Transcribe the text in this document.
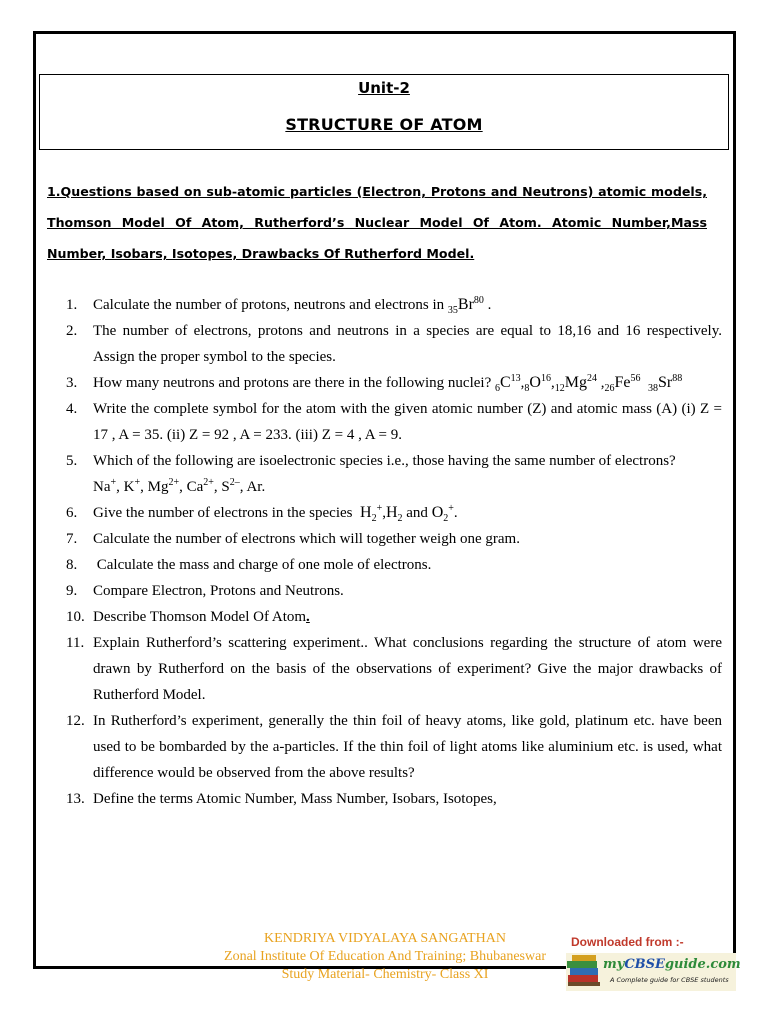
Unit-2
STRUCTURE OF ATOM
1.Questions based on sub-atomic particles (Electron, Protons and Neutrons) atomic models, Thomson Model Of Atom, Rutherford’s Nuclear Model Of Atom. Atomic Number,Mass Number, Isobars, Isotopes, Drawbacks Of Rutherford Model.
1.	Calculate the number of protons, neutrons and electrons in $_{35}Br^{80}$ .
2.	The number of electrons, protons and neutrons in a species are equal to 18,16 and 16 respectively. Assign the proper symbol to the species.
3.	How many neutrons and protons are there in the following nuclei? $_6C^{13},_8O^{16},_{12}Mg^{24}$ $,_{26}Fe^{56}$  $_{38}Sr^{88}$
4.	Write the complete symbol for the atom with the given atomic number (Z) and atomic mass (A) (i) Z = 17 , A = 35. (ii) Z = 92 , A = 233. (iii) Z = 4 , A = 9.
5.	Which of the following are isoelectronic species i.e., those having the same number of electrons?
Na+, K+, $Mg^{2+}$, $Ca^{2+}$, $S^{2-}$, Ar.
6.	Give the number of electrons in the species $H_2^+,H_2$ and $O_2^+$.
7.	Calculate the number of electrons which will together weigh one gram.
8.	Calculate the mass and charge of one mole of electrons.
9.	Compare Electron, Protons and Neutrons.
10. Describe Thomson Model Of Atom.
11. Explain Rutherford’s scattering experiment.. What conclusions regarding the structure of atom were drawn by Rutherford on the basis of the observations of experiment? Give the major drawbacks of Rutherford Model.
12. In Rutherford’s experiment, generally the thin foil of heavy atoms, like gold, platinum etc. have been used to be bombarded by the a-particles. If the thin foil of light atoms like aluminium etc. is used, what difference would be observed from the above results?
13. Define the terms Atomic Number, Mass Number, Isobars, Isotopes,
KENDRIYA VIDYALAYA SANGATHAN
Zonal Institute Of Education And Training; Bhubaneswar
Study Material- Chemistry- Class XI
Downloaded from :-
myCBSEguide.com
A Complete guide for CBSE students
